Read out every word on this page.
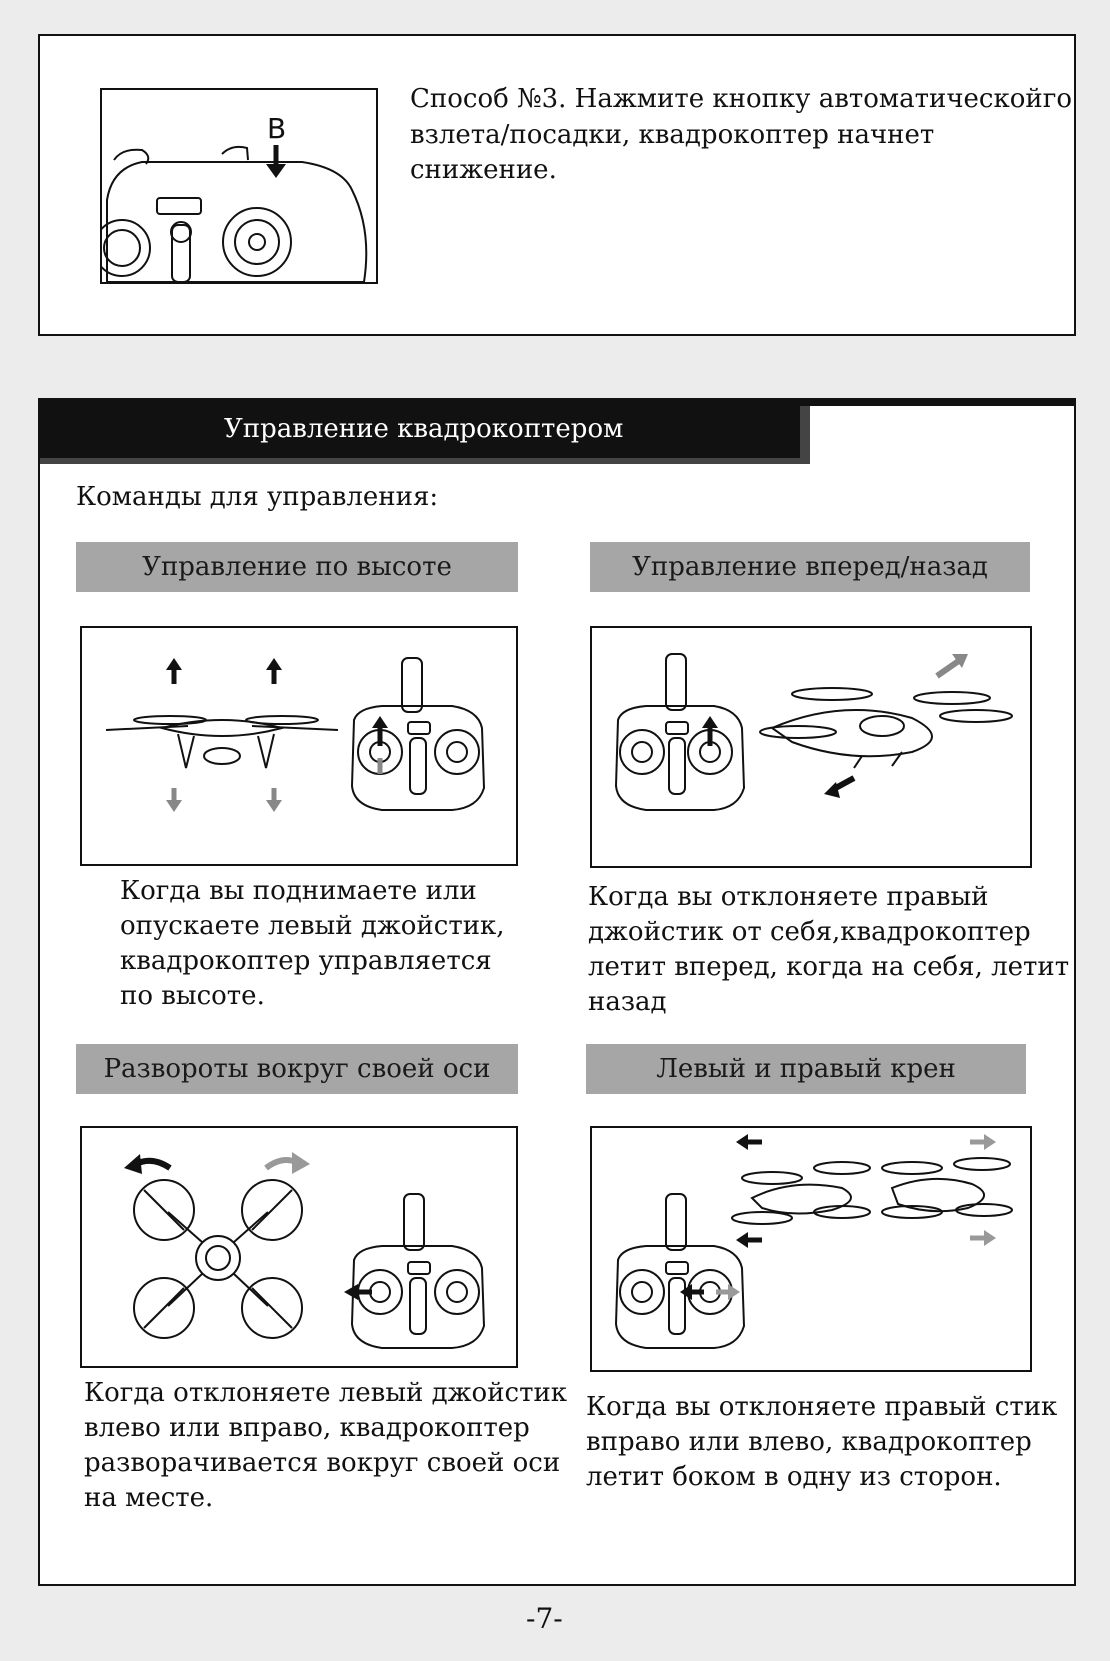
B
Способ №3. Нажмите кнопку автоматическойго
взлета/посадки, квадрокоптер начнет снижение.
Управление квадрокоптером
Команды для управления:
Управление по высоте	Управление вперед/назад
Когда вы поднимаете или
опускаете левый джойстик,
квадрокоптер управляется
по высоте.
Когда вы отклоняете правый
джойстик от себя,квадрокоптер
летит вперед, когда на себя, летит
назад
Развороты вокруг своей оси	Левый и правый крен
Когда отклоняете левый джойстик
влево или вправо, квадрокоптер
разворачивается вокруг своей оси
на месте.
Когда вы отклоняете правый стик
вправо или влево, квадрокоптер
летит боком в одну из сторон.
-7-
